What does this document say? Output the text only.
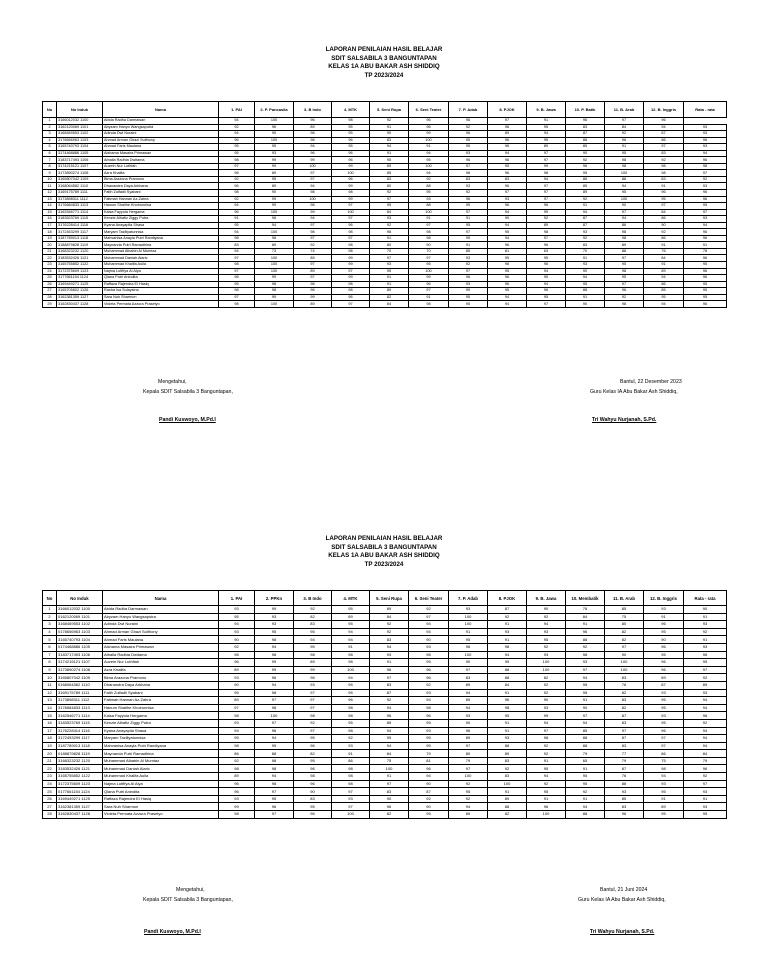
LAPORAN PENILAIAN HASIL BELAJAR
SDIT SALSABILA 3 BANGUNTAPAN
KELAS 1A ABU BAKAR ASH SHIDDIQ
TP 2023/2024
No	No Induk	Nama	1. PAI	2. P. Pancasila	3. B Indo	4. MTK	5. Seni Rupa	6. Seni Teater	7. P. Adab	8. PJOK	9. B. Jawa	10. P. Batik	11. B. Arab	12. B. Inggris	Rata - rata
1	3166012032 1100	Abida Radha Darmawan	94	100	96	98	92	96	96	97	91	96	97	96	
2	3162120069 1101	Abyzam Hanyo Wangsaputra	92	96	89	95	91	96	92	96	95	83	84	94	93
3	3168469553 1102	Adinda Dwi Nuraini	94	95	98	95	90	99	96	89	94	87	92	87	93
4	3178656963 1103	Ahmad Arman Ghazi Sulthony	96	100	98	96	83	100	95	96	95	88	96	86	96
5	3165740793 1104	Ahmad Faris Maulana	95	95	94	95	94	91	95	96	89	85	91	97	93
6	3174468886 1105	Aishama Masaira Primawan	95	93	96	96	91	94	93	94	97	90	95	83	94
7	3183717493 1106	Athalla Radhia Dwitama	98	99	99	96	95	95	96	96	97	92	98	92	96
8	3174215121 1107	Auzein Nur Luthfah	97	99	100	99	89	100	97	95	99	96	98	98	98
9	3173890274 1108	Azra Khalifa	98	89	97	100	85	94	98	96	98	95	100	98	97
10	3165807042 1109	Bima Arazona Pramono	92	95	97	96	83	92	83	83	94	86	88	83	92
11	3168064582 1110	Dhanandra Daya Arkhana	96	89	94	99	80	88	93	96	97	85	94	91	93
12	3169175789 1111	Fatih Zulfadli Syabani	98	90	98	98	92	95	92	97	97	89	95	96	96
13	3173898311 1112	Fatimah Hannan Az-Zahra	92	99	100	99	97	93	96	93	97	92	100	95	96
14	3176684833 1113	Hanum Shalihe Khoirunnisa	94	99	98	97	95	88	95	96	96	91	90	97	95
15	3162546771 1114	Kaisa Fayyola Hergama	96	100	99	100	84	100	97	94	99	94	97	84	97
16	3183523769 1115	Kenzie Alhafiz Ziggy Putra	91	96	94	97	93	91	91	90	92	87	94	86	93
17	3176228414 1116	Kyana Anayapila Shasa	95	94	97	96	92	97	95	94	89	87	86	90	94
18	3172453299 1117	Maryam Taziliyatunnisa	94	100	98	98	96	98	97	95	98	93	98	92	96
19	3187789013 1118	Mahvanisa Anayla Putri Randiyana	98	98	97	97	91	98	95	94	97	92	98	86	96
20	3188879828 1119	Maynanda Putri Ramadhina	83	89	92	98	80	90	91	96	96	83	89	91	91
21	3168323232 1120	Muhammad Albabin Al Mumtaz	94	73	74	98	70	70	85	81	63	70	88	76	78
22	3183532426 1121	Muhammad Daniah Alaric	97	100	89	99	97	97	93	95	95	91	97	84	96
23	3165755852 1122	Muhammad Khalifa Aulia	98	100	97	99	93	95	92	96	96	93	95	91	95
24	3172375609 1123	Najma Lutfifya Al Alya	97	100	89	97	95	100	97	95	94	90	98	89	96
25	3177661154 1124	Qiana Putri Anindita	98	99	97	99	91	99	96	96	95	94	95	94	96
26	3169449271 1125	Raffaza Rajendra El Hasiq	95	98	98	98	91	96	93	96	94	95	97	86	95
27	3165705802 1126	Rasha Isa Sulaysina	98	98	96	98	89	97	99	95	96	88	96	85	95
28	3162381359 1127	Sara Nuh Sharmon	97	99	99	96	82	91	95	94	95	91	92	95	95
29	3162830437 1128	Violeta Permata Azzura Prasetyo	98	100	89	97	84	98	95	94	97	90	98	94	96
Mengetahui,
Kepala SDIT Salsabila 3 Banguntapan,
Pandi Kuswoyo, M.Pd.I
Bantul, 22 Desember 2023
Guru Kelas IA Abu Bakar Ash Shiddiq,
Tri Wahyu Nurjanah, S.Pd.
LAPORAN PENILAIAN HASIL BELAJAR
SDIT SALSABILA 3 BANGUNTAPAN
KELAS 1A ABU BAKAR ASH SHIDDIQ
TP 2023/2024
No	No Induk	Nama	1. PAI	2. PPKn	3. B Indo	4. MTK	5. Seni Rupa	6. Seni Teater	7. P. Adab	8. PJOK	9. B. Jawa	10. Membatik	11. B. Arab	12. B. Inggris	Rata - rata
1	3166012032 1100	Abida Radha Darmawan	93	99	92	95	89	92	93	87	90	78	85	93	90
2	0162120069 1101	Abyzam Hanyo Wangsaputra	95	93	82	89	84	97	100	92	92	84	75	91	91
3	3168469553 1102	Adinda Dwi Nuraini	94	93	83	95	92	94	100	91	94	91	80	96	93
4	0178656963 1103	Ahmad Arman Ghazi Sulthony	93	95	95	94	92	94	91	93	93	96	82	95	92
5	3165740793 1104	Ahmad Faris Maulana	90	98	94	94	83	90	95	91	95	88	82	90	91
6	0174468886 1105	Aishama Masaira Primawan	92	94	95	91	94	93	96	98	92	92	97	96	93
7	3183717493 1106	Athalla Radhia Dwitama	98	98	98	98	93	98	100	94	93	98	90	95	96
8	3174215121 1107	Auzein Nur Luthfiah	96	99	89	98	91	95	90	95	100	93	100	96	95
9	3173890274 1108	Azra Khalifa	89	99	99	100	96	96	97	88	100	97	100	96	97
10	3165807042 1109	Bima Arazona Pramono	93	96	96	94	97	96	83	88	82	94	83	89	92
11	0168064582 1110	Dhanandra Daya Arkhana	90	94	93	95	83	92	89	84	92	95	76	87	89
12	3169175789 1111	Fatih Zulfadli Syabani	95	98	97	95	87	93	94	91	92	95	82	93	93
13	3173898311 1112	Fatimah Hannan Az-Zahra	89	97	97	96	92	94	89	96	90	91	83	95	94
14	3176684833 1113	Hanum Shalihe Khoirunnisa	97	98	97	98	94	98	94	98	93	90	82	95	94
15	3162546771 1114	Kaisa Fayyola Hergama	98	100	98	98	96	96	93	95	99	97	87	93	96
16	3183523769 1115	Kenzie Alhafiz Ziggy Putra	93	97	92	95	85	95	90	91	94	94	83	95	92
17	3176228414 1116	Kyana Anayapila Shasa	94	96	97	98	94	93	96	91	97	85	97	96	94
18	3172453299 1117	Maryam Taziliyatunnisa	95	94	95	92	95	95	89	93	98	88	87	97	94
19	3187789013 1118	Mahvanisa Anayla Putri Randiyana	98	95	96	93	94	95	97	88	92	88	83	97	94
20	0188879828 1119	Maynanda Putri Ramadhina	86	88	82	91	84	79	80	89	92	79	77	86	84
21	3168323232 1120	Muhammad Albabin Al Mumtaz	92	98	95	86	75	81	79	83	91	65	79	75	79
22	3183532426 1121	Muhammad Daniah Alaric	98	98	96	98	100	96	97	92	95	91	87	98	96
23	3165755852 1122	Muhammad Khalifa Aulia	89	94	98	98	91	94	100	83	94	95	76	94	92
24	3172375609 1123	Najma Lutfifya Al Alya	96	98	96	98	97	90	92	100	92	95	88	93	97
25	0177661154 1124	Qiana Putri Anindita	96	97	90	97	83	87	95	91	95	92	93	95	93
26	3169449271 1125	Raffaza Rajendra El Hasiq	93	95	83	93	90	92	92	89	91	91	85	91	91
27	3162381359 1127	Sara Nuh Sharmon	99	96	95	97	96	90	94	88	96	94	83	89	93
28	3162830437 1128	Violeta Permata Azzura Prasetyo	98	97	96	100	82	95	89	82	100	88	96	95	95
Mengetahui,
Kepala SDIT Salsabila 3 Banguntapan,
Pandi Kuswoyo, M.Pd.I
Bantul, 21 Juni 2024
Guru Kelas IA Abu Bakar Ash Shiddiq,
Tri Wahyu Nurjanah, S.Pd.
